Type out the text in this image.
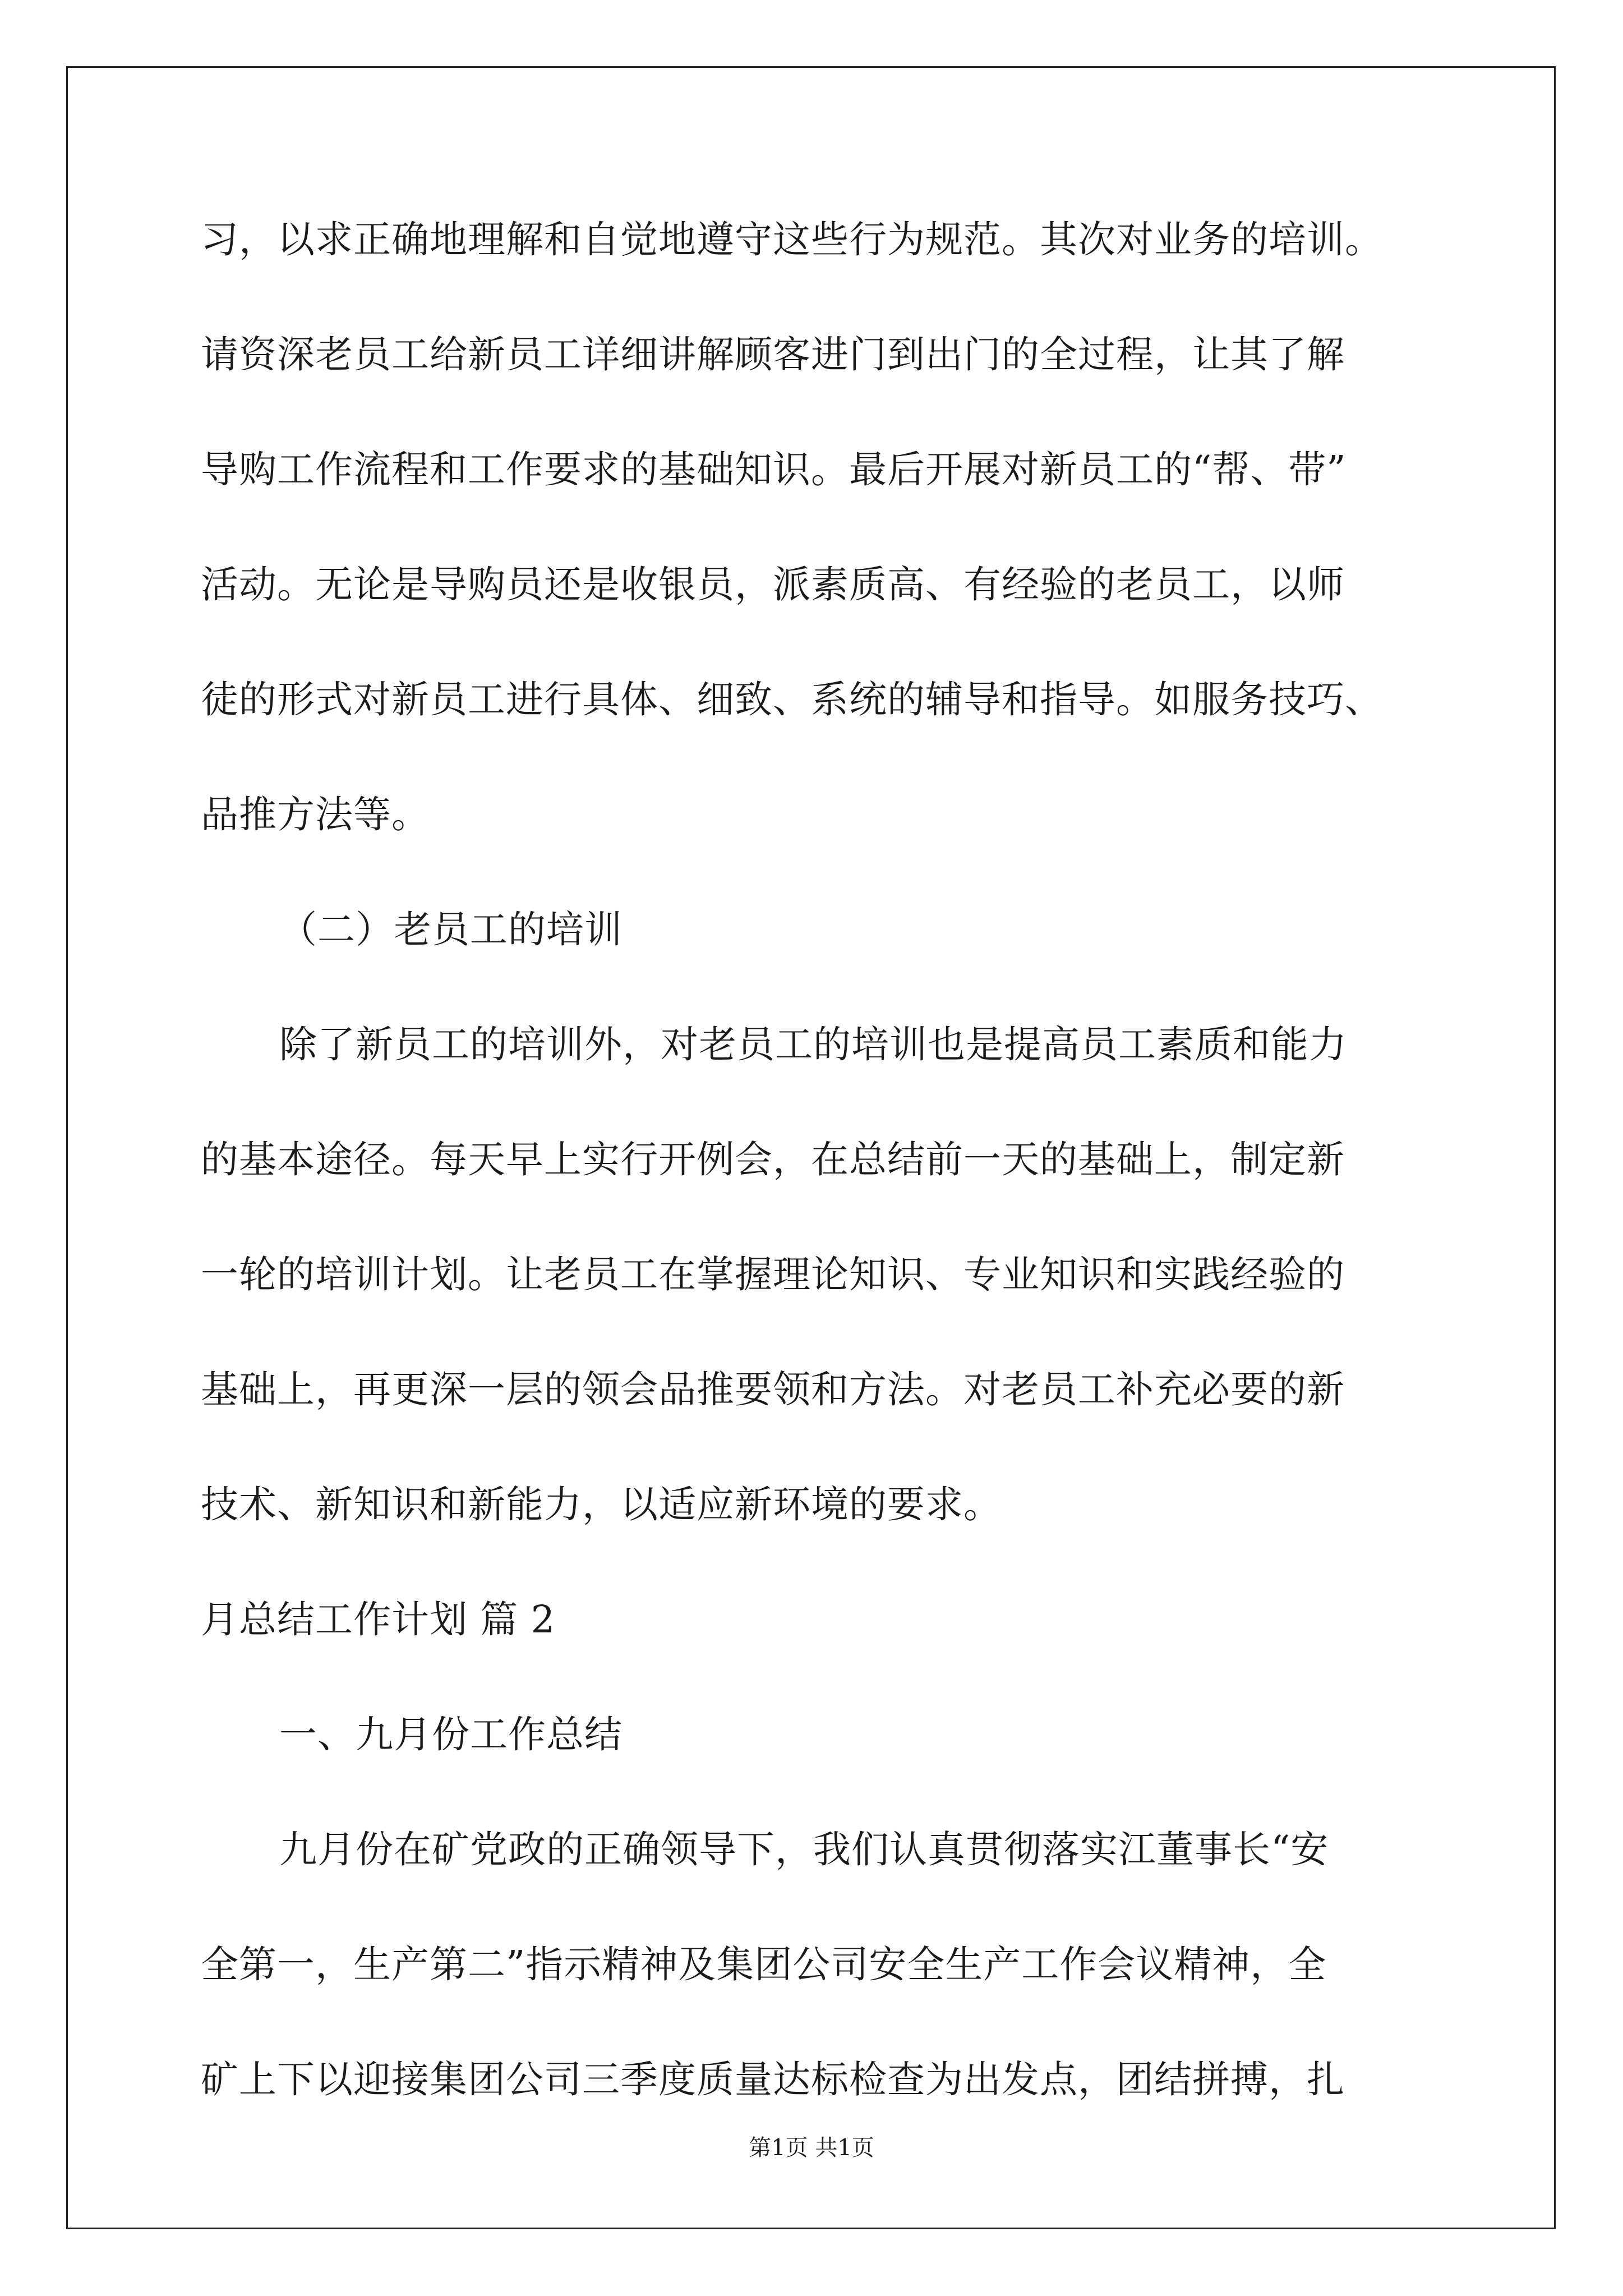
习，以求正确地理解和自觉地遵守这些行为规范。其次对业务的培训。
请资深老员工给新员工详细讲解顾客进门到出门的全过程，让其了解
导购工作流程和工作要求的基础知识。最后开展对新员工的“帮、带”
活动。无论是导购员还是收银员，派素质高、有经验的老员工，以师
徒的形式对新员工进行具体、细致、系统的辅导和指导。如服务技巧、
品推方法等。
（二）老员工的培训
除了新员工的培训外，对老员工的培训也是提高员工素质和能力
的基本途径。每天早上实行开例会，在总结前一天的基础上，制定新
一轮的培训计划。让老员工在掌握理论知识、专业知识和实践经验的
基础上，再更深一层的领会品推要领和方法。对老员工补充必要的新
技术、新知识和新能力，以适应新环境的要求。
月总结工作计划 篇 2
一、九月份工作总结
九月份在矿党政的正确领导下，我们认真贯彻落实江董事长“安
全第一，生产第二”指示精神及集团公司安全生产工作会议精神，全
矿上下以迎接集团公司三季度质量达标检查为出发点，团结拼搏，扎
第1页 共1页
